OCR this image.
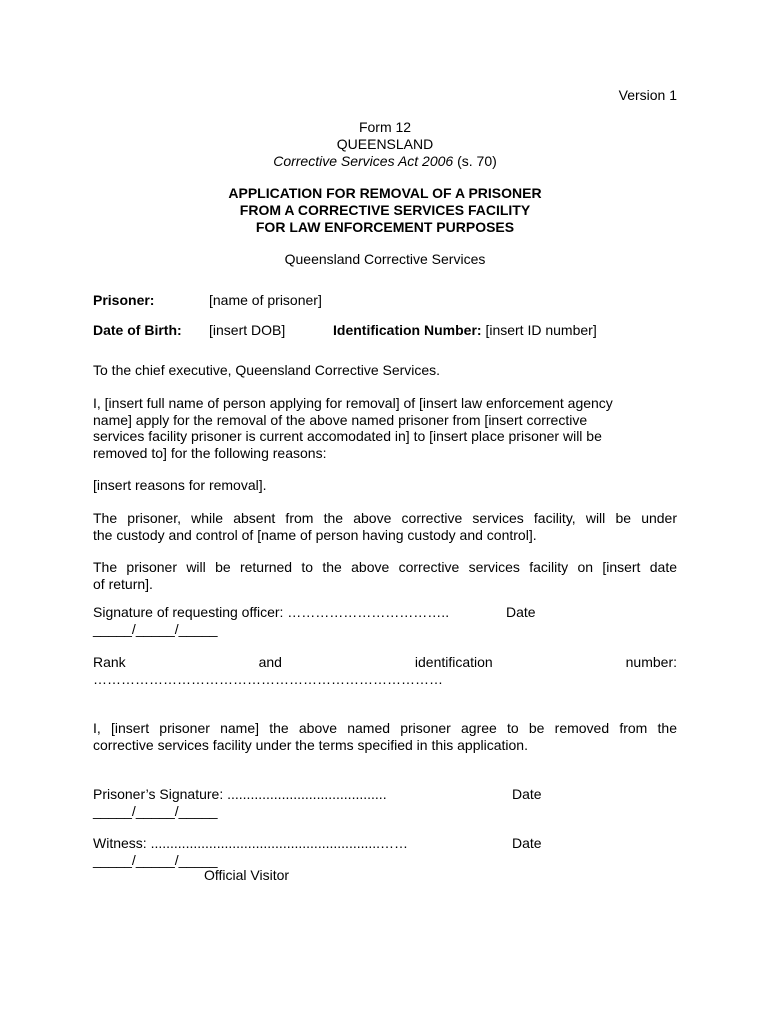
Version 1
Form 12
QUEENSLAND
Corrective Services Act 2006 (s. 70)
APPLICATION FOR REMOVAL OF A PRISONER
FROM A CORRECTIVE SERVICES FACILITY
FOR LAW ENFORCEMENT PURPOSES
Queensland Corrective Services
Prisoner:	[name of prisoner]
Date of Birth: [insert DOB]	Identification Number: [insert ID number]
To the chief executive, Queensland Corrective Services.
I, [insert full name of person applying for removal] of [insert law enforcement agency
name] apply for the removal of the above named prisoner from [insert corrective
services facility prisoner is current accomodated in] to [insert place prisoner will be
removed to] for the following reasons:
[insert reasons for removal].
The prisoner, while absent from the above corrective services facility, will be under
the custody and control of [name of person having custody and control].
The prisoner will be returned to the above corrective services facility on [insert date
of return].
Signature of requesting officer: ……………………………..	Date
_____/_____/_____
Rank	and	identification	number:
…………………………………………………………………
I, [insert prisoner name] the above named prisoner agree to be removed from the
corrective services facility under the terms specified in this application.
Prisoner’s Signature: .........................................	Date
_____/_____/_____
Witness: ...........................................................……	Date
_____/_____/_____
Official Visitor
